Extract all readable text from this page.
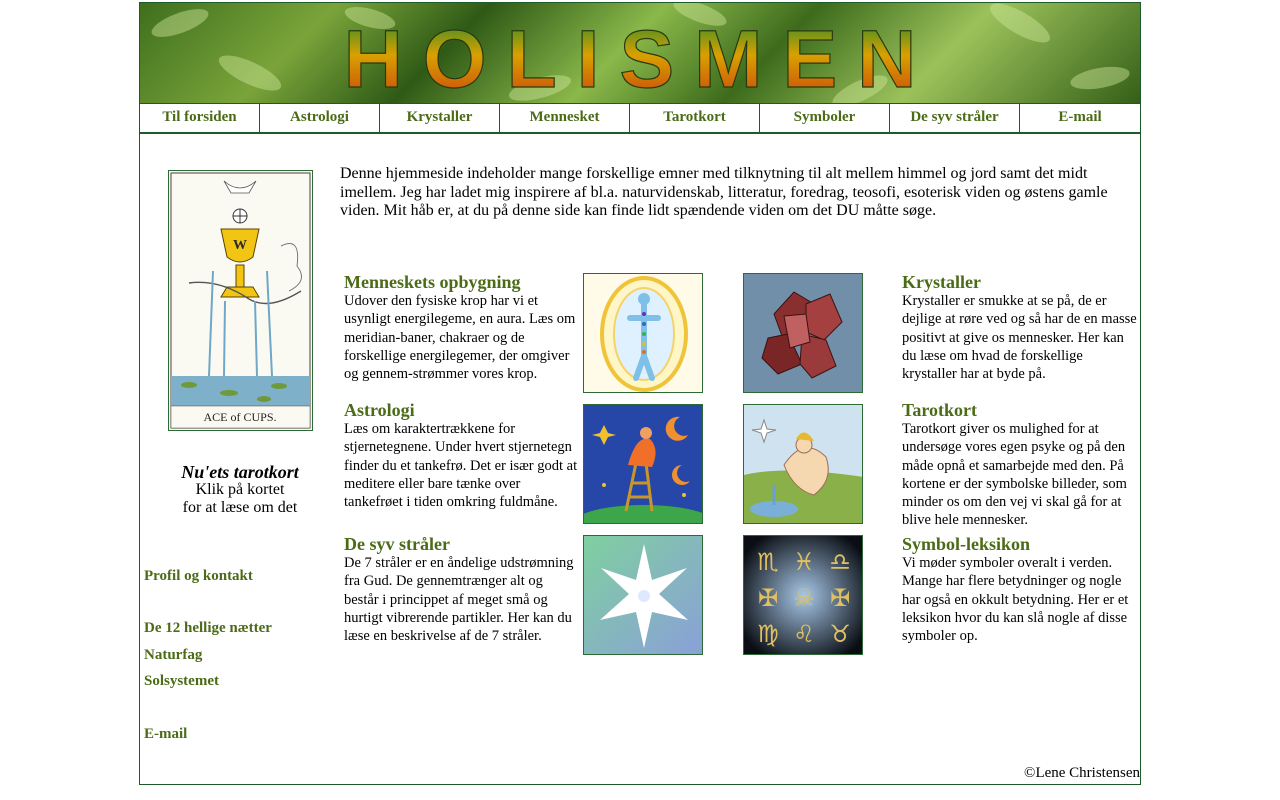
HOLISMEN
Til forsiden	Astrologi	Krystaller	Mennesket	Tarotkort	Symboler	De syv stråler	E-mail
W
ACE of CUPS.
Nu'ets tarotkort
Klik på kortet
for at læse om det
Profil og kontakt
De 12 hellige nætter
Naturfag
Solsystemet
E-mail
Denne hjemmeside indeholder mange forskellige emner med tilknytning til alt mellem himmel og jord samt det midt imellem. Jeg har ladet mig inspirere af bl.a. naturvidenskab, litteratur, foredrag, teosofi, esoterisk viden og østens gamle viden. Mit håb er, at du på denne side kan finde lidt spændende viden om det DU måtte søge.
Menneskets opbygning
Udover den fysiske krop har vi et usynligt energilegeme, en aura. Læs om meridian-baner, chakraer og de forskellige energilegemer, der omgiver og gennem-strømmer vores krop.
Krystaller
Krystaller er smukke at se på, de er dejlige at røre ved og så har de en masse positivt at give os mennesker. Her kan du læse om hvad de forskellige krystaller har at byde på.
Astrologi
Læs om karaktertrækkene for stjernetegnene. Under hvert stjernetegn finder du et tankefrø. Det er især godt at meditere eller bare tænke over tankefrøet i tiden omkring fuldmåne.
Tarotkort
Tarotkort giver os mulighed for at undersøge vores egen psyke og på den måde opnå et samarbejde med den. På kortene er der symbolske billeder, som minder os om den vej vi skal gå for at blive hele mennesker.
De syv stråler
De 7 stråler er en åndelige udstrømning fra Gud. De gennemtrænger alt og består i princippet af meget små og hurtigt vibrerende partikler. Her kan du læse en beskrivelse af de 7 stråler.
♏ ♓ ♎
✠ ☠ ✠
♍ ♌ ♉
Symbol-leksikon
Vi møder symboler overalt i verden. Mange har flere betydninger og nogle har også en okkult betydning. Her er et leksikon hvor du kan slå nogle af disse symboler op.
©Lene Christensen
